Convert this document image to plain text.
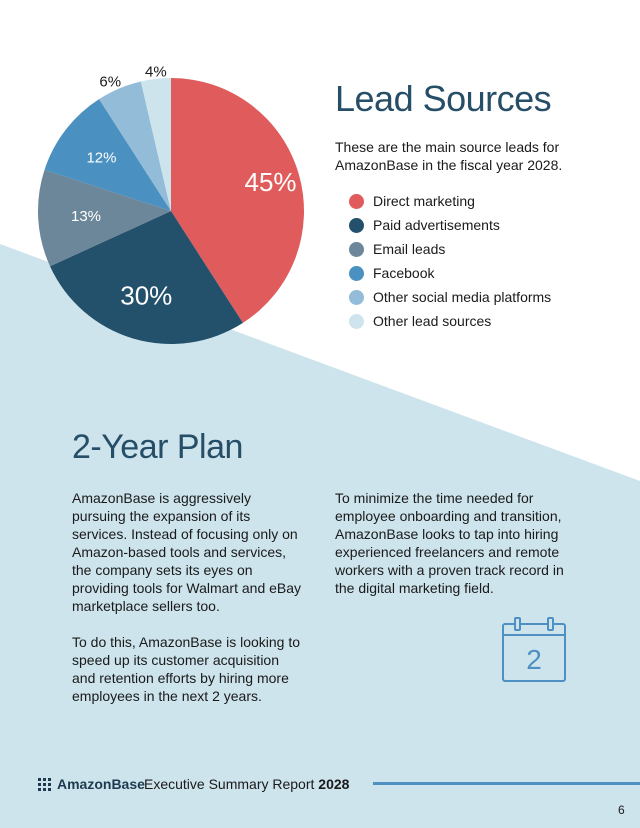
45%
30%
13%
12%
6%
4%
Lead Sources
These are the main source leads for AmazonBase in the fiscal year 2028.
Direct marketing
Paid advertisements
Email leads
Facebook
Other social media platforms
Other lead sources
2-Year Plan

AmazonBase is aggressively pursuing the expansion of its services. Instead of focusing only on Amazon-based tools and services, the company sets its eyes on providing tools for Walmart and eBay marketplace sellers too.

To do this, AmazonBase is looking to speed up its customer acquisition and retention efforts by hiring more employees in the next 2 years.

To minimize the time needed for employee onboarding and transition, AmazonBase looks to tap into hiring experienced freelancers and remote workers with a proven track record in the digital marketing field.

2
AmazonBase Executive Summary Report 2028
6
